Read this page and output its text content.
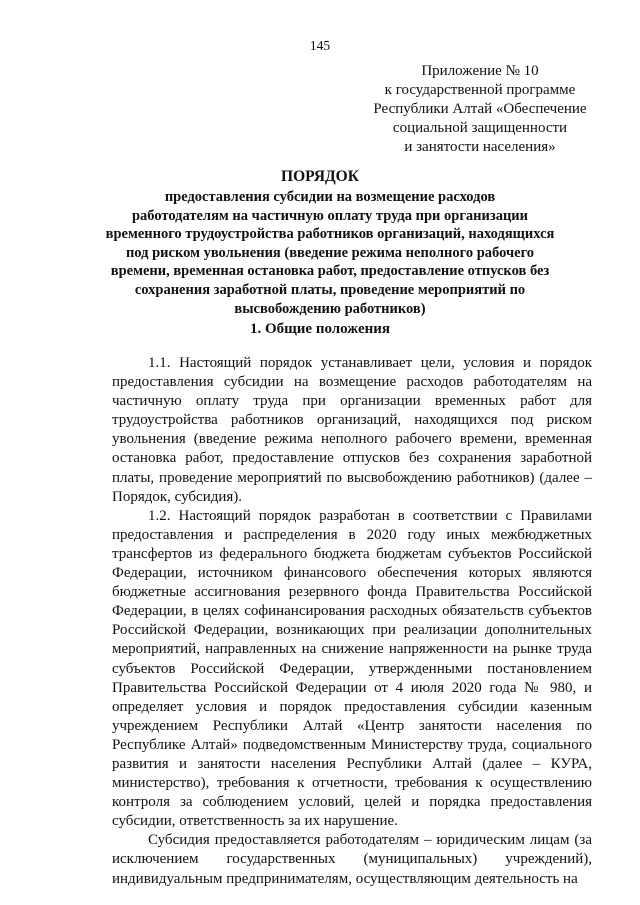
145
Приложение № 10
к государственной программе
Республики Алтай «Обеспечение
социальной защищенности
и занятости населения»
ПОРЯДОК
предоставления субсидии на возмещение расходов
работодателям на частичную оплату труда при организации
временного трудоустройства работников организаций, находящихся
под риском увольнения (введение режима неполного рабочего
времени, временная остановка работ, предоставление отпусков без
сохранения заработной платы, проведение мероприятий по
высвобождению работников)
1. Общие положения

1.1. Настоящий порядок устанавливает цели, условия и порядок предоставления субсидии на возмещение расходов работодателям на частичную оплату труда при организации временных работ для трудоустройства работников организаций, находящихся под риском увольнения (введение режима неполного рабочего времени, временная остановка работ, предоставление отпусков без сохранения заработной платы, проведение мероприятий по высвобождению работников) (далее – Порядок, субсидия).

1.2. Настоящий порядок разработан в соответствии с Правилами предоставления и распределения в 2020 году иных межбюджетных трансфертов из федерального бюджета бюджетам субъектов Российской Федерации, источником финансового обеспечения которых являются бюджетные ассигнования резервного фонда Правительства Российской Федерации, в целях софинансирования расходных обязательств субъектов Российской Федерации, возникающих при реализации дополнительных мероприятий, направленных на снижение напряженности на рынке труда субъектов Российской Федерации, утвержденными постановлением Правительства Российской Федерации от 4 июля 2020 года № 980, и определяет условия и порядок предоставления субсидии казенным учреждением Республики Алтай «Центр занятости населения по Республике Алтай» подведомственным Министерству труда, социального развития и занятости населения Республики Алтай (далее – КУРА, министерство), требования к отчетности, требования к осуществлению контроля за соблюдением условий, целей и порядка предоставления субсидии, ответственность за их нарушение.

Субсидия предоставляется работодателям – юридическим лицам (за исключением государственных (муниципальных) учреждений), индивидуальным предпринимателям, осуществляющим деятельность на
